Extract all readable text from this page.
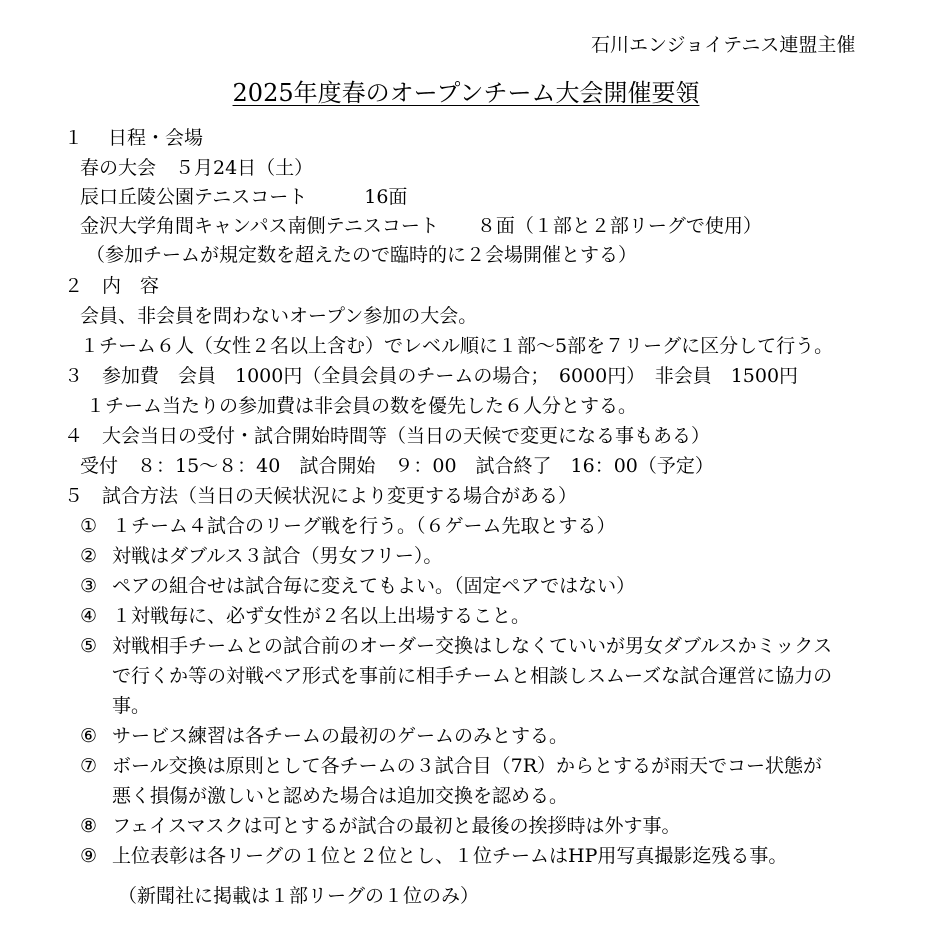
石川エンジョイテニス連盟主催
2025年度春のオープンチーム大会開催要領
１　 日程・会場
春の大会　５月24日（土）
辰口丘陵公園テニスコート　　　16面
金沢大学角間キャンパス南側テニスコート　　８面（１部と２部リーグで使用）
（参加チームが規定数を超えたので臨時的に２会場開催とする）
２　内　容
会員、非会員を問わないオープン参加の大会。
１チーム６人（女性２名以上含む）でレベル順に１部〜5部を７リーグに区分して行う。
３　参加費　会員　1000円（全員会員のチームの場合；　6000円）　非会員　1500円
１チーム当たりの参加費は非会員の数を優先した６人分とする。
４　大会当日の受付・試合開始時間等（当日の天候で変更になる事もある）
受付　８：15〜８：40　試合開始　９：00　試合終了　16：00（予定）
５　試合方法（当日の天候状況により変更する場合がある）
① １チーム４試合のリーグ戦を行う。（６ゲーム先取とする）
② 対戦はダブルス３試合（男女フリー）。
③ ペアの組合せは試合毎に変えてもよい。（固定ペアではない）
④ １対戦毎に、必ず女性が２名以上出場すること。
⑤ 対戦相手チームとの試合前のオーダー交換はしなくていいが男女ダブルスかミックス
で行くか等の対戦ペア形式を事前に相手チームと相談しスムーズな試合運営に協力の
事。
⑥ サービス練習は各チームの最初のゲームのみとする。
⑦ ボール交換は原則として各チームの３試合目（7R）からとするが雨天でコー状態が
悪く損傷が激しいと認めた場合は追加交換を認める。
⑧ フェイスマスクは可とするが試合の最初と最後の挨拶時は外す事。
⑨ 上位表彰は各リーグの１位と２位とし、１位チームはHP用写真撮影迄残る事。
（新聞社に掲載は１部リーグの１位のみ）
